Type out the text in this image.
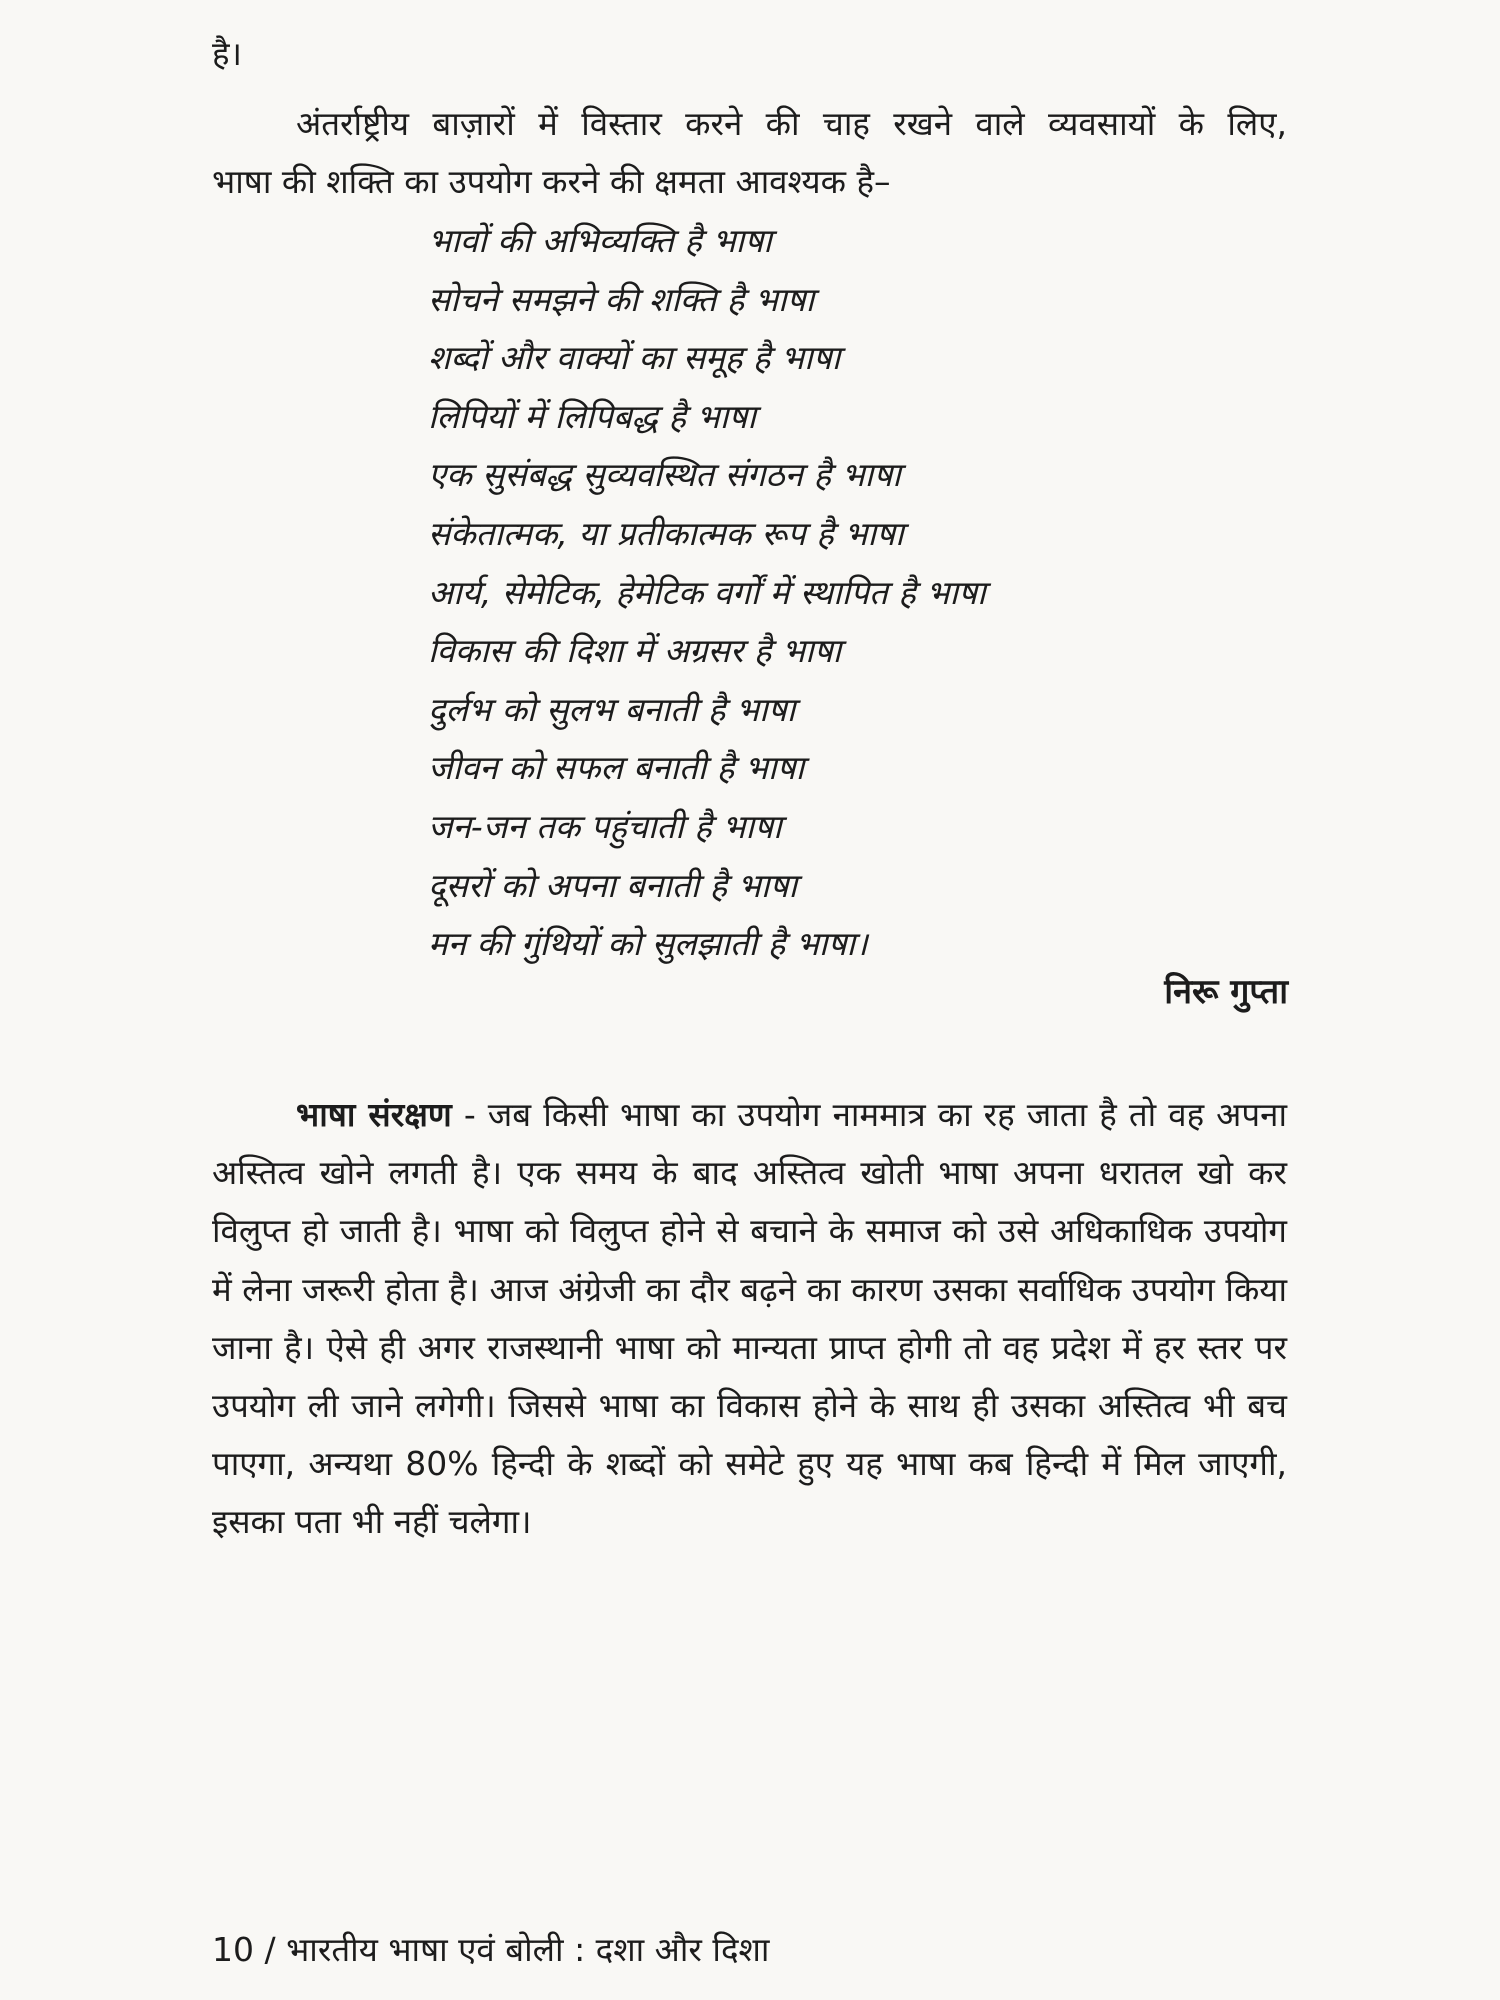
है।

अंतर्राष्ट्रीय बाज़ारों में विस्तार करने की चाह रखने वाले व्यवसायों के लिए,

भाषा की शक्ति का उपयोग करने की क्षमता आवश्यक है–

भावों की अभिव्यक्ति है भाषा
सोचने समझने की शक्ति है भाषा
शब्दों और वाक्यों का समूह है भाषा
लिपियों में लिपिबद्ध है भाषा
एक सुसंबद्ध सुव्यवस्थित संगठन है भाषा
संकेतात्मक, या प्रतीकात्मक रूप है भाषा
आर्य, सेमेटिक, हेमेटिक वर्गों में स्थापित है भाषा
विकास की दिशा में अग्रसर है भाषा
दुर्लभ को सुलभ बनाती है भाषा
जीवन को सफल बनाती है भाषा
जन-जन तक पहुंचाती है भाषा
दूसरों को अपना बनाती है भाषा
मन की गुंथियों को सुलझाती है भाषा।
निरू गुप्ता

भाषा संरक्षण - जब किसी भाषा का उपयोग नाममात्र का रह जाता है तो वह अपना अस्तित्व खोने लगती है। एक समय के बाद अस्तित्व खोती भाषा अपना धरातल खो कर विलुप्त हो जाती है। भाषा को विलुप्त होने से बचाने के समाज को उसे अधिकाधिक उपयोग में लेना जरूरी होता है। आज अंग्रेजी का दौर बढ़ने का कारण उसका सर्वाधिक उपयोग किया जाना है। ऐसे ही अगर राजस्थानी भाषा को मान्यता प्राप्त होगी तो वह प्रदेश में हर स्तर पर उपयोग ली जाने लगेगी। जिससे भाषा का विकास होने के साथ ही उसका अस्तित्व भी बच पाएगा, अन्यथा 80% हिन्दी के शब्दों को समेटे हुए यह भाषा कब हिन्दी में मिल जाएगी, इसका पता भी नहीं चलेगा।

10 / भारतीय भाषा एवं बोली : दशा और दिशा
